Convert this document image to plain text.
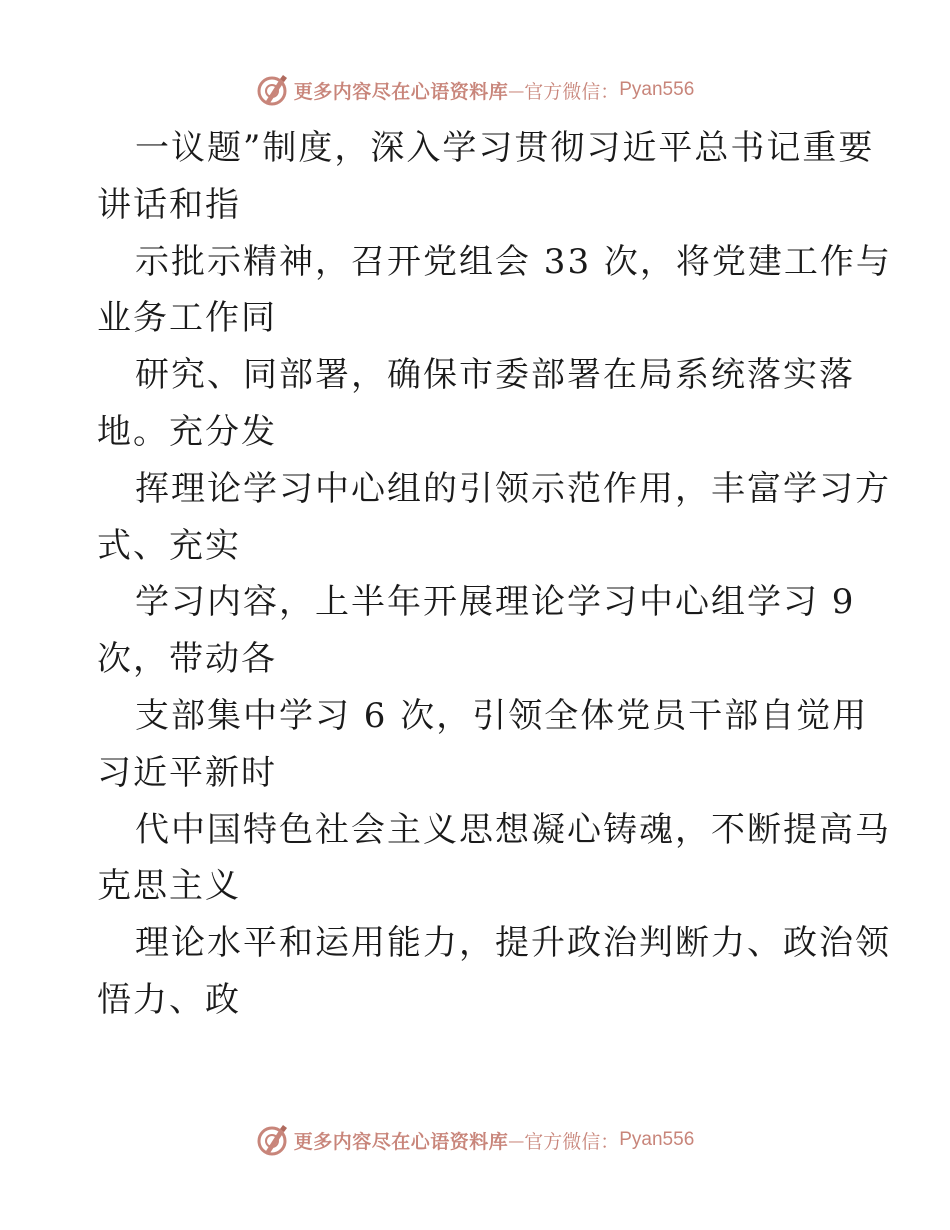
更多内容尽在心语资料库 — 官方微信： Pyan556
一议题”制度，深入学习贯彻习近平总书记重要
讲话和指
示批示精神，召开党组会 33 次，将党建工作与
业务工作同
研究、同部署，确保市委部署在局系统落实落
地。充分发
挥理论学习中心组的引领示范作用，丰富学习方
式、充实
学习内容，上半年开展理论学习中心组学习 9
次，带动各
支部集中学习 6 次，引领全体党员干部自觉用
习近平新时
代中国特色社会主义思想凝心铸魂，不断提高马
克思主义
理论水平和运用能力，提升政治判断力、政治领
悟力、政
更多内容尽在心语资料库 — 官方微信： Pyan556
